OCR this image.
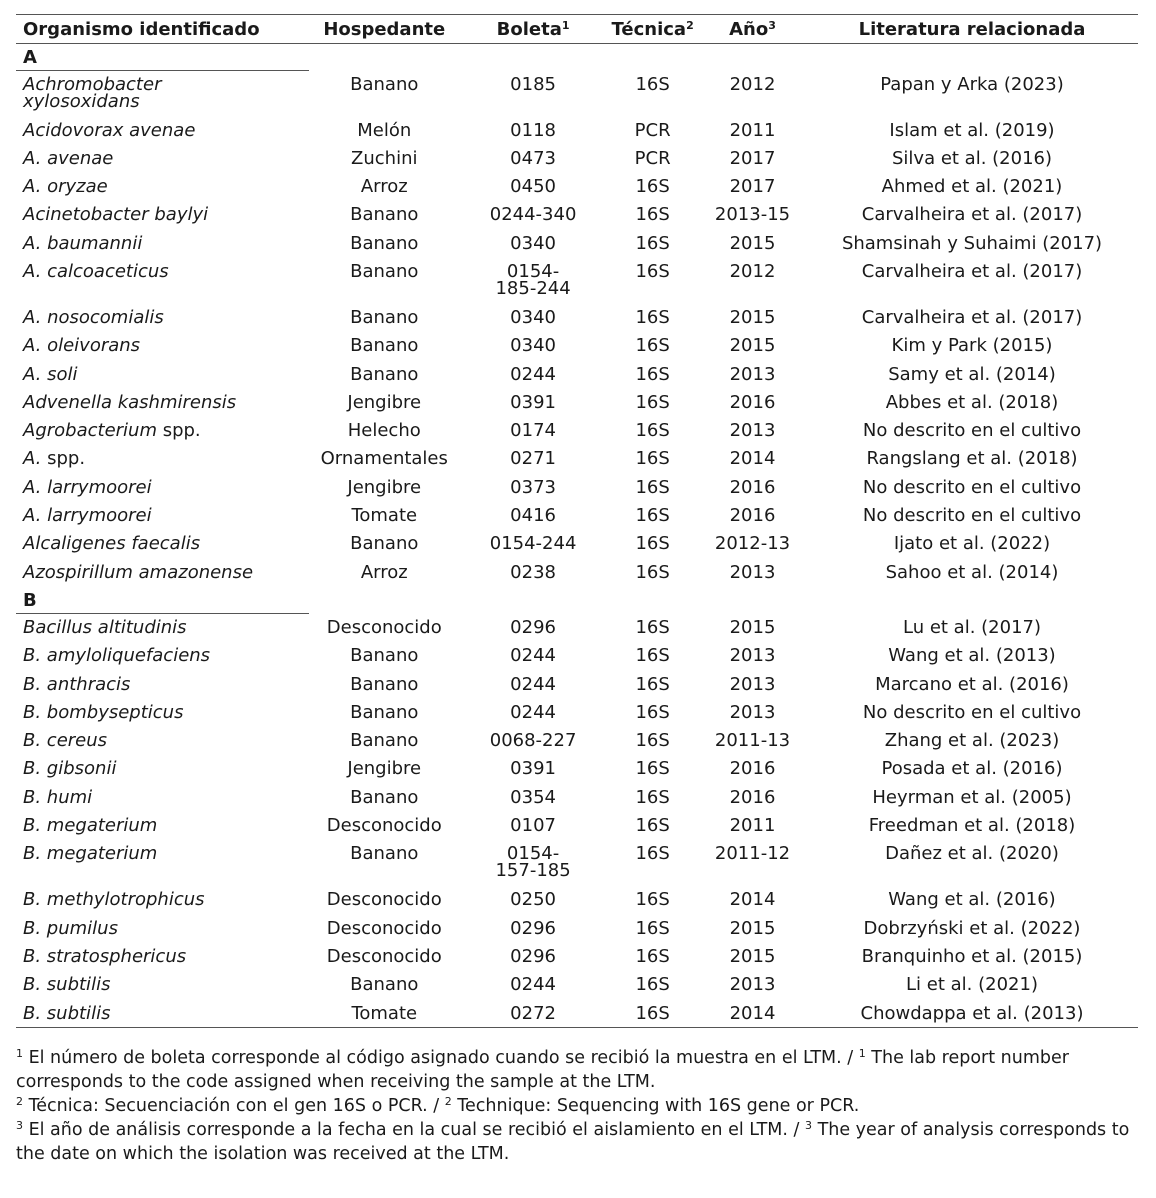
Organismo identificado	Hospedante	Boleta$^1$	Técnica$^2$	Año$^3$	Literatura relacionada
A					
Achromobacter xylosoxidans	Banano	0185	16S	2012	Papan y Arka (2023)
Acidovorax avenae	Melón	0118	PCR	2011	Islam et al. (2019)
A. avenae	Zuchini	0473	PCR	2017	Silva et al. (2016)
A. oryzae	Arroz	0450	16S	2017	Ahmed et al. (2021)
Acinetobacter baylyi	Banano	0244-340	16S	2013-15	Carvalheira et al. (2017)
A. baumannii	Banano	0340	16S	2015	Shamsinah y Suhaimi (2017)
A. calcoaceticus	Banano	0154-185-244	16S	2012	Carvalheira et al. (2017)
A. nosocomialis	Banano	0340	16S	2015	Carvalheira et al. (2017)
A. oleivorans	Banano	0340	16S	2015	Kim y Park (2015)
A. soli	Banano	0244	16S	2013	Samy et al. (2014)
Advenella kashmirensis	Jengibre	0391	16S	2016	Abbes et al. (2018)
Agrobacterium spp.	Helecho	0174	16S	2013	No descrito en el cultivo
A. spp.	Ornamentales	0271	16S	2014	Rangslang et al. (2018)
A. larrymoorei	Jengibre	0373	16S	2016	No descrito en el cultivo
A. larrymoorei	Tomate	0416	16S	2016	No descrito en el cultivo
Alcaligenes faecalis	Banano	0154-244	16S	2012-13	Ijato et al. (2022)
Azospirillum amazonense	Arroz	0238	16S	2013	Sahoo et al. (2014)
B					
Bacillus altitudinis	Desconocido	0296	16S	2015	Lu et al. (2017)
B. amyloliquefaciens	Banano	0244	16S	2013	Wang et al. (2013)
B. anthracis	Banano	0244	16S	2013	Marcano et al. (2016)
B. bombysepticus	Banano	0244	16S	2013	No descrito en el cultivo
B. cereus	Banano	0068-227	16S	2011-13	Zhang et al. (2023)
B. gibsonii	Jengibre	0391	16S	2016	Posada et al. (2016)
B. humi	Banano	0354	16S	2016	Heyrman et al. (2005)
B. megaterium	Desconocido	0107	16S	2011	Freedman et al. (2018)
B. megaterium	Banano	0154-157-185	16S	2011-12	Dañez et al. (2020)
B. methylotrophicus	Desconocido	0250	16S	2014	Wang et al. (2016)
B. pumilus	Desconocido	0296	16S	2015	Dobrzyński et al. (2022)
B. stratosphericus	Desconocido	0296	16S	2015	Branquinho et al. (2015)
B. subtilis	Banano	0244	16S	2013	Li et al. (2021)
B. subtilis	Tomate	0272	16S	2014	Chowdappa et al. (2013)

$^1$ El número de boleta corresponde al código asignado cuando se recibió la muestra en el LTM. / $^1$ The lab report number corresponds to the code assigned when receiving the sample at the LTM.

$^2$ Técnica: Secuenciación con el gen 16S o PCR. / $^2$ Technique: Sequencing with 16S gene or PCR.

$^3$ El año de análisis corresponde a la fecha en la cual se recibió el aislamiento en el LTM. / $^3$ The year of analysis corresponds to the date on which the isolation was received at the LTM.
